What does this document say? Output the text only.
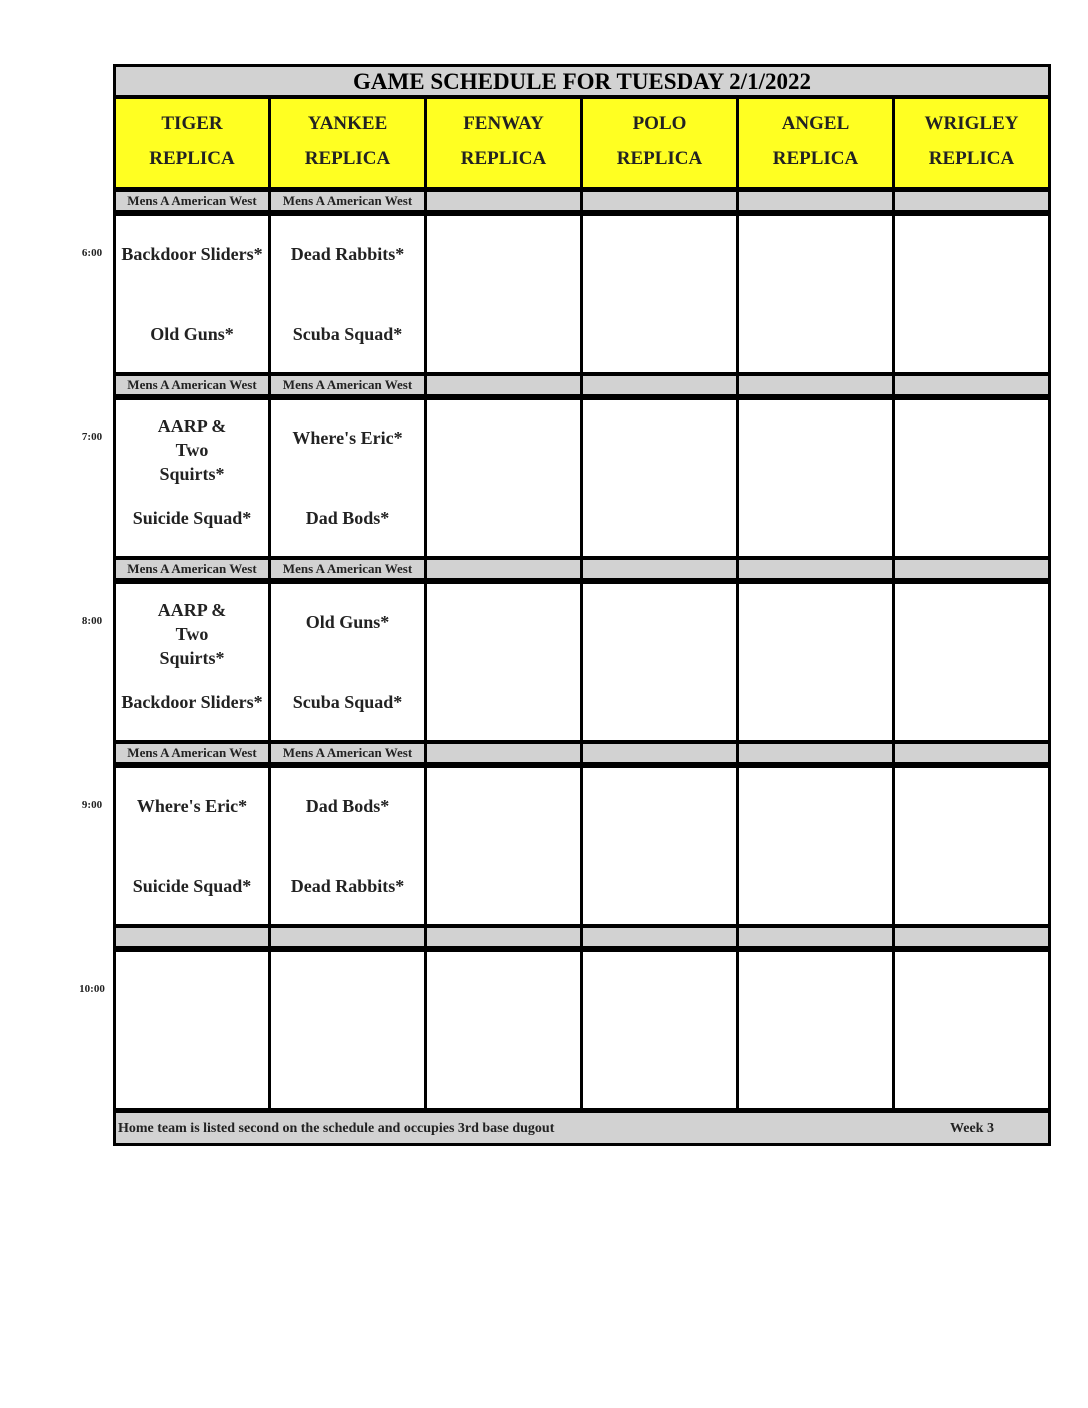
GAME SCHEDULE FOR TUESDAY 2/1/2022
TIGER
REPLICA
YANKEE
REPLICA
FENWAY
REPLICA
POLO
REPLICA
ANGEL
REPLICA
WRIGLEY
REPLICA
6:00
Mens A American West
Backdoor Sliders*
Old Guns*
Mens A American West
Dead Rabbits*
Scuba Squad*
7:00
Mens A American West
AARP & Two Squirts*
Suicide Squad*
Mens A American West
Where's Eric*
Dad Bods*
8:00
Mens A American West
AARP & Two Squirts*
Backdoor Sliders*
Mens A American West
Old Guns*
Scuba Squad*
9:00
Mens A American West
Where's Eric*
Suicide Squad*
Mens A American West
Dad Bods*
Dead Rabbits*
10:00
Home team is listed second on the schedule and occupies 3rd base dugout	Week 3
